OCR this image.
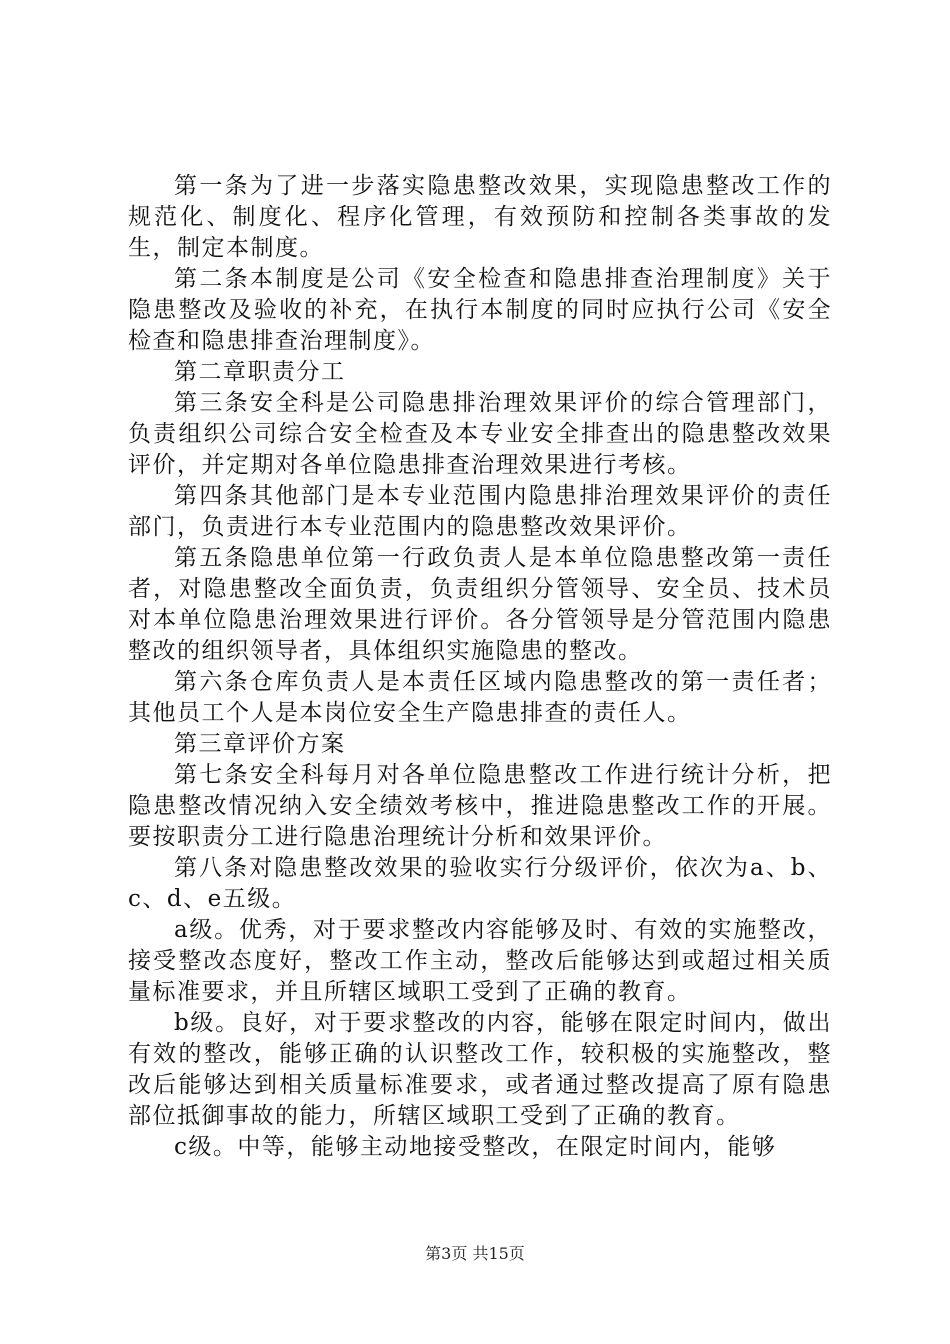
第一条为了进一步落实隐患整改效果，实现隐患整改工作的规范化、制度化、程序化管理，有效预防和控制各类事故的发生，制定本制度。

第二条本制度是公司《安全检查和隐患排查治理制度》关于隐患整改及验收的补充，在执行本制度的同时应执行公司《安全检查和隐患排查治理制度》。

第二章职责分工

第三条安全科是公司隐患排治理效果评价的综合管理部门，负责组织公司综合安全检查及本专业安全排查出的隐患整改效果评价，并定期对各单位隐患排查治理效果进行考核。

第四条其他部门是本专业范围内隐患排治理效果评价的责任部门，负责进行本专业范围内的隐患整改效果评价。

第五条隐患单位第一行政负责人是本单位隐患整改第一责任者，对隐患整改全面负责，负责组织分管领导、安全员、技术员对本单位隐患治理效果进行评价。各分管领导是分管范围内隐患整改的组织领导者，具体组织实施隐患的整改。

第六条仓库负责人是本责任区域内隐患整改的第一责任者；其他员工个人是本岗位安全生产隐患排查的责任人。

第三章评价方案

第七条安全科每月对各单位隐患整改工作进行统计分析，把隐患整改情况纳入安全绩效考核中，推进隐患整改工作的开展。要按职责分工进行隐患治理统计分析和效果评价。

第八条对隐患整改效果的验收实行分级评价，依次为a、b、c、d、e五级。

a级。优秀，对于要求整改内容能够及时、有效的实施整改，接受整改态度好，整改工作主动，整改后能够达到或超过相关质量标准要求，并且所辖区域职工受到了正确的教育。

b级。良好，对于要求整改的内容，能够在限定时间内，做出有效的整改，能够正确的认识整改工作，较积极的实施整改，整改后能够达到相关质量标准要求，或者通过整改提高了原有隐患部位抵御事故的能力，所辖区域职工受到了正确的教育。

c级。中等，能够主动地接受整改，在限定时间内，能够

第3页 共15页
